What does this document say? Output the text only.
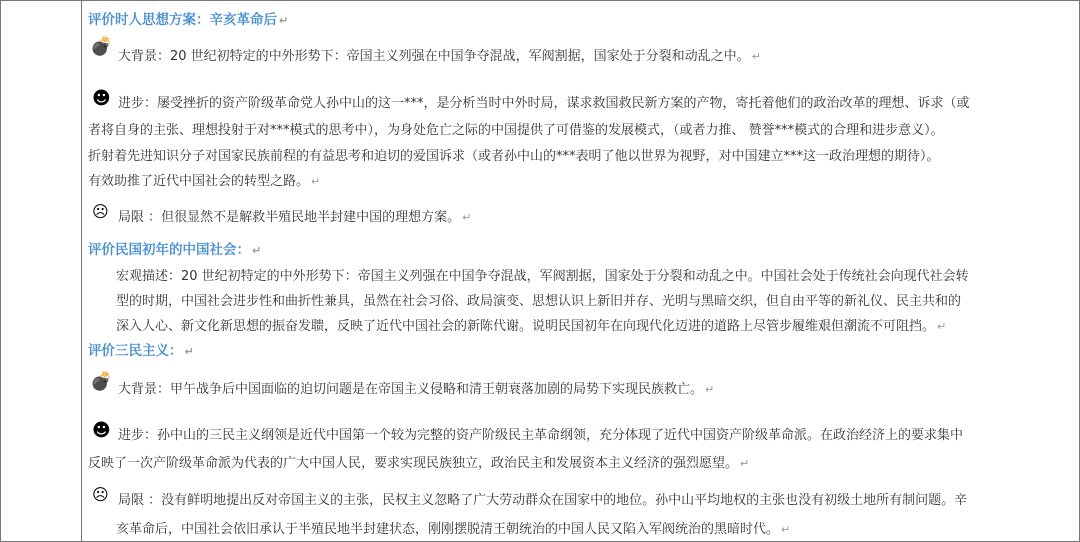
评价时人思想方案：辛亥革命后 ↵
💣 大背景：20 世纪初特定的中外形势下：帝国主义列强在中国争夺混战，军阀割据，国家处于分裂和动乱之中。 ↵
☻ 进步：屡受挫折的资产阶级革命党人孙中山的这一***，是分析当时中外时局，谋求救国救民新方案的产物，寄托着他们的政治改革的理想、诉求（或
者将自身的主张、理想投射于对***模式的思考中），为身处危亡之际的中国提供了可借鉴的发展模式，（或者力推、 赞誉***模式的合理和进步意义）。
折射着先进知识分子对国家民族前程的有益思考和迫切的爱国诉求（或者孙中山的***表明了他以世界为视野，对中国建立***这一政治理想的期待）。
有效助推了近代中国社会的转型之路。 ↵
☹ 局限 ：但很显然不是解救半殖民地半封建中国的理想方案。 ↵
评价民国初年的中国社会： ↵
宏观描述：20 世纪初特定的中外形势下：帝国主义列强在中国争夺混战，军阀割据，国家处于分裂和动乱之中。中国社会处于传统社会向现代社会转
型的时期，中国社会进步性和曲折性兼具，虽然在社会习俗、政局演变、思想认识上新旧并存、光明与黑暗交织，但自由平等的新礼仪、民主共和的
深入人心、新文化新思想的振奋发聩，反映了近代中国社会的新陈代谢。说明民国初年在向现代化迈进的道路上尽管步履维艰但潮流不可阻挡。 ↵
评价三民主义： ↵
💣 大背景：甲午战争后中国面临的迫切问题是在帝国主义侵略和清王朝衰落加剧的局势下实现民族救亡。 ↵
☻ 进步：孙中山的三民主义纲领是近代中国第一个较为完整的资产阶级民主革命纲领，充分体现了近代中国资产阶级革命派。在政治经济上的要求集中
反映了一次产阶级革命派为代表的广大中国人民，要求实现民族独立，政治民主和发展资本主义经济的强烈愿望。 ↵
☹ 局限 ：没有鲜明地提出反对帝国主义的主张，民权主义忽略了广大劳动群众在国家中的地位。孙中山平均地权的主张也没有初级土地所有制问题。辛
亥革命后，中国社会依旧承认于半殖民地半封建状态，刚刚摆脱清王朝统治的中国人民又陷入军阀统治的黑暗时代。 ↵
